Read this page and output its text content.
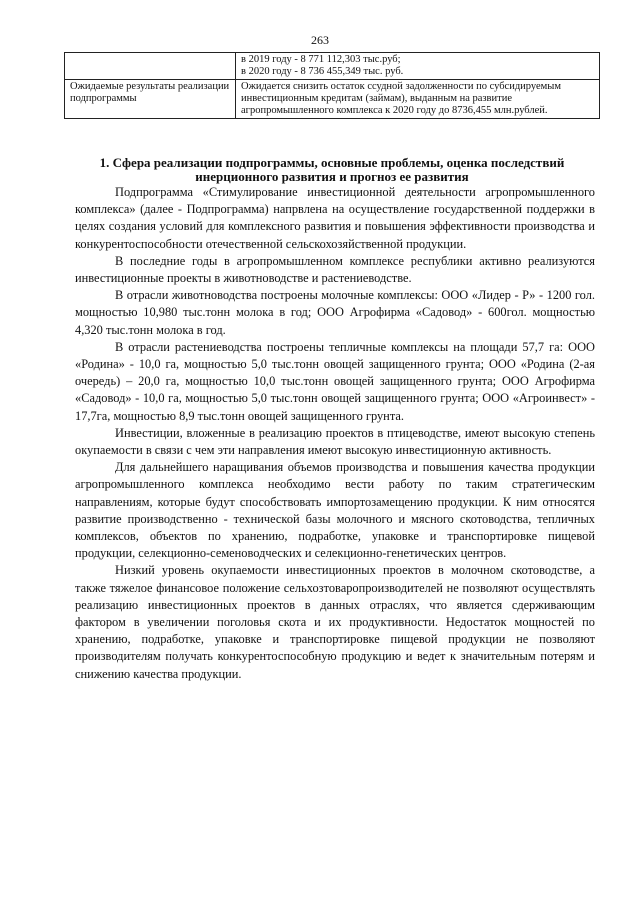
263

	в 2019 году - 8 771 112,303 тыс.руб;
в 2020 году - 8 736 455,349 тыс. руб.

Ожидаемые результаты реализации подпрограммы	Ожидается снизить остаток ссудной задолженности по субсидируемым инвестиционным кредитам (займам), выданным на развитие агропромышленного комплекса к 2020 году до 8736,455 млн.рублей.
1. Сфера реализации подпрограммы, основные проблемы, оценка последствий инерционного развития и прогноз ее развития

Подпрограмма «Стимулирование инвестиционной деятельности агропромышленного комплекса» (далее - Подпрограмма) напрвлена на осуществление государственной поддержки в целях создания условий для комплексного развития и повышения эффективности производства и конкурентоспособности отечественной сельскохозяйственной продукции.

В последние годы в агропромышленном комплексе республики активно реализуются инвестиционные проекты в животноводстве и растениеводстве.

В отрасли животноводства построены молочные комплексы: ООО «Лидер - Р» - 1200 гол. мощностью 10,980 тыс.тонн молока в год; ООО Агрофирма «Садовод» - 600гол. мощностью 4,320 тыс.тонн молока в год.

В отрасли растениеводства построены тепличные комплексы на площади 57,7 га: ООО «Родина» - 10,0 га, мощностью 5,0 тыс.тонн овощей защищенного грунта; ООО «Родина (2-ая очередь) – 20,0 га, мощностью 10,0 тыс.тонн овощей защищенного грунта; ООО Агрофирма «Садовод» - 10,0 га, мощностью 5,0 тыс.тонн овощей защищенного грунта; ООО «Агроинвест» - 17,7га, мощностью 8,9 тыс.тонн овощей защищенного грунта.

Инвестиции, вложенные в реализацию проектов в птицеводстве, имеют высокую степень окупаемости в связи с чем эти направления имеют высокую инвестиционную активность.

Для дальнейшего наращивания объемов производства и повышения качества продукции агропромышленного комплекса необходимо вести работу по таким стратегическим направлениям, которые будут способствовать импортозамещению продукции. К ним относятся развитие производственно - технической базы молочного и мясного скотоводства, тепличных комплексов, объектов по хранению, подработке, упаковке и транспортировке пищевой продукции, селекционно-семеноводческих и селекционно-генетических центров.

Низкий уровень окупаемости инвестиционных проектов в молочном скотоводстве, а также тяжелое финансовое положение сельхозтоваропроизводителей не позволяют осуществлять реализацию инвестиционных проектов в данных отраслях, что является сдерживающим фактором в увеличении поголовья скота и их продуктивности. Недостаток мощностей по хранению, подработке, упаковке и транспортировке пищевой продукции не позволяют производителям получать конкурентоспособную продукцию и ведет к значительным потерям и снижению качества продукции.
